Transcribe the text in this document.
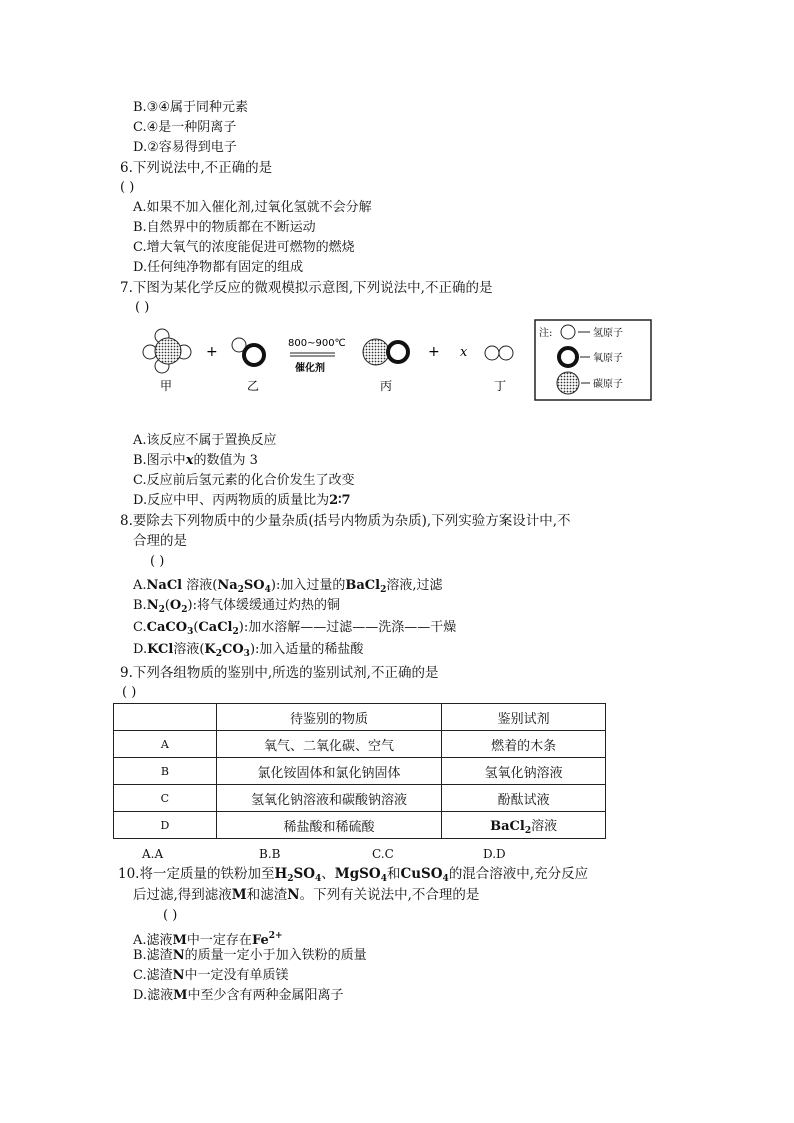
B.③④属于同种元素
C.④是一种阴离子
D.②容易得到电子
6.下列说法中,不正确的是
( )
A.如果不加入催化剂,过氧化氢就不会分解
B.自然界中的物质都在不断运动
C.增大氧气的浓度能促进可燃物的燃烧
D.任何纯净物都有固定的组成
7.下图为某化学反应的微观模拟示意图,下列说法中,不正确的是
( )
甲
+
乙
800~900℃
催化剂
丙
+ x
丁
注:	氢原子
氧原子
碳原子
A.该反应不属于置换反应
B.图示中x的数值为 3
C.反应前后氢元素的化合价发生了改变
D.反应中甲、丙两物质的质量比为2∶7
8.要除去下列物质中的少量杂质(括号内物质为杂质),下列实验方案设计中,不
合理的是
( )
A.NaCl 溶液$(Na_2SO_4)$:加入过量的BaCl$_2$溶液,过滤
$B.N_2(O_2)$:将气体缓缓通过灼热的铜
C.CaCO$_3$(CaCl$_2$):加水溶解——过滤——洗涤——干燥
D.KCl溶液$(K_2CO_3)$:加入适量的稀盐酸
9.下列各组物质的鉴别中,所选的鉴别试剂,不正确的是
( )
	待鉴别的物质	鉴别试剂
A	氧气、二氧化碳、空气	燃着的木条
B	氯化铵固体和氯化钠固体	氢氧化钠溶液
C	氢氧化钠溶液和碳酸钠溶液	酚酞试液
D	稀盐酸和稀硫酸	BaCl$_2$溶液
A.A	B.B	C.C	D.D
10.将一定质量的铁粉加至$H_2SO_4$、MgSO$_4$和CuSO$_4$的混合溶液中,充分反应
后过滤,得到滤液M和滤渣N。下列有关说法中,不合理的是
( )
A.滤液M中一定存在$Fe^{2+}$
B.滤渣N的质量一定小于加入铁粉的质量
C.滤渣N中一定没有单质镁
D.滤液M中至少含有两种金属阳离子
